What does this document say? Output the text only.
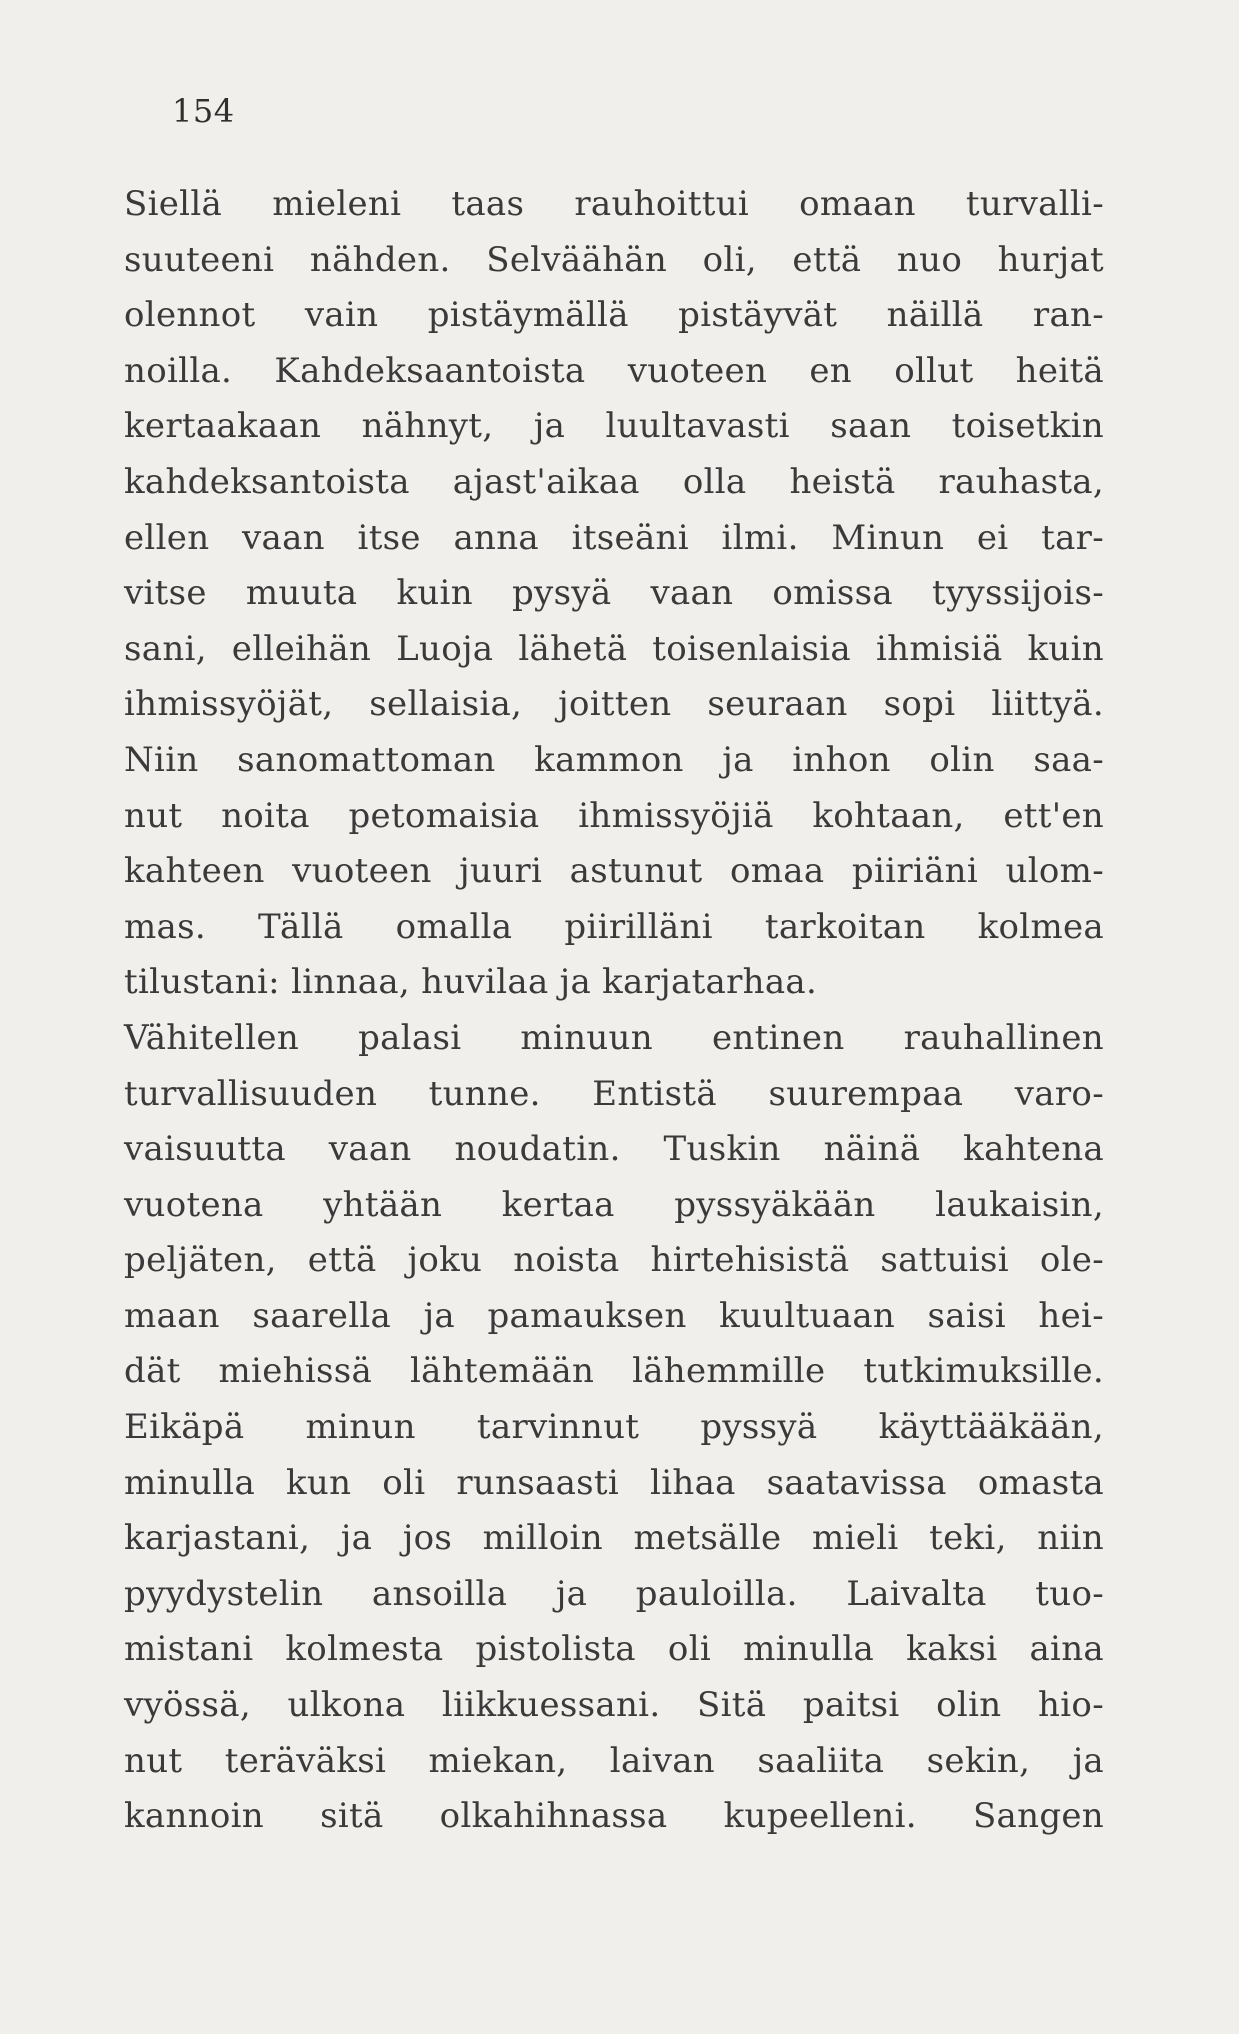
154
Siellä mieleni taas rauhoittui omaan turvalli-
suuteeni nähden. Selväähän oli, että nuo hurjat
olennot vain pistäymällä pistäyvät näillä ran-
noilla. Kahdeksaantoista vuoteen en ollut heitä
kertaakaan nähnyt, ja luultavasti saan toisetkin
kahdeksantoista ajast'aikaa olla heistä rauhasta,
ellen vaan itse anna itseäni ilmi. Minun ei tar-
vitse muuta kuin pysyä vaan omissa tyyssijois-
sani, elleihän Luoja lähetä toisenlaisia ihmisiä kuin
ihmissyöjät, sellaisia, joitten seuraan sopi liittyä.
Niin sanomattoman kammon ja inhon olin saa-
nut noita petomaisia ihmissyöjiä kohtaan, ett'en
kahteen vuoteen juuri astunut omaa piiriäni ulom-
mas. Tällä omalla piirilläni tarkoitan kolmea
tilustani: linnaa, huvilaa ja karjatarhaa.
Vähitellen palasi minuun entinen rauhallinen
turvallisuuden tunne. Entistä suurempaa varo-
vaisuutta vaan noudatin. Tuskin näinä kahtena
vuotena yhtään kertaa pyssyäkään laukaisin,
peljäten, että joku noista hirtehisistä sattuisi ole-
maan saarella ja pamauksen kuultuaan saisi hei-
dät miehissä lähtemään lähemmille tutkimuksille.
Eikäpä minun tarvinnut pyssyä käyttääkään,
minulla kun oli runsaasti lihaa saatavissa omasta
karjastani, ja jos milloin metsälle mieli teki, niin
pyydystelin ansoilla ja pauloilla. Laivalta tuo-
mistani kolmesta pistolista oli minulla kaksi aina
vyössä, ulkona liikkuessani. Sitä paitsi olin hio-
nut teräväksi miekan, laivan saaliita sekin, ja
kannoin sitä olkahihnassa kupeelleni. Sangen
